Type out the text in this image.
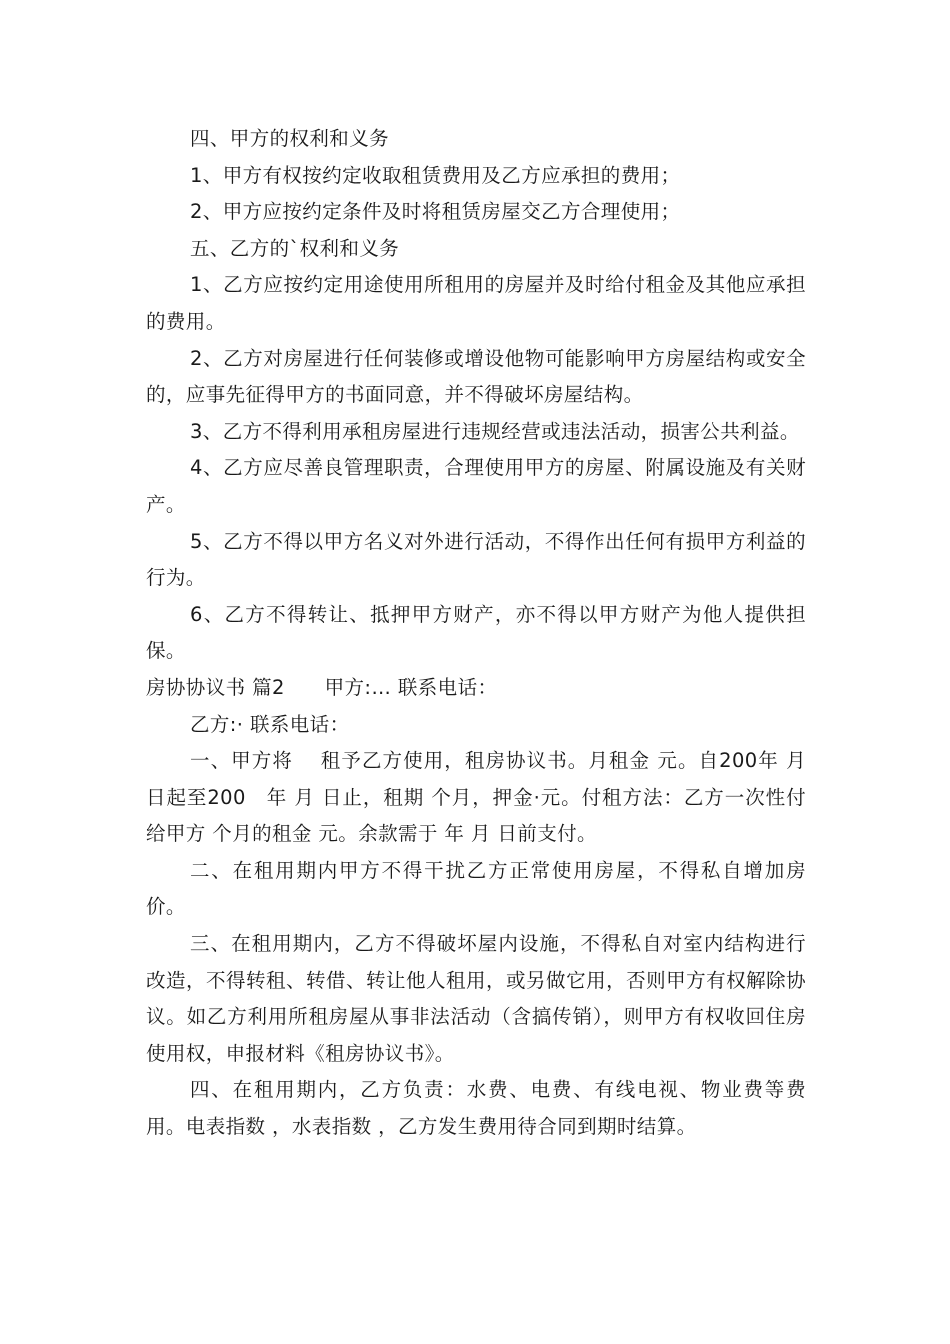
四、甲方的权利和义务

1、甲方有权按约定收取租赁费用及乙方应承担的费用；

2、甲方应按约定条件及时将租赁房屋交乙方合理使用；

五、乙方的`权利和义务

1、乙方应按约定用途使用所租用的房屋并及时给付租金及其他应承担的费用。

2、乙方对房屋进行任何装修或增设他物可能影响甲方房屋结构或安全的，应事先征得甲方的书面同意，并不得破坏房屋结构。

3、乙方不得利用承租房屋进行违规经营或违法活动，损害公共利益。

4、乙方应尽善良管理职责，合理使用甲方的房屋、附属设施及有关财产。

5、乙方不得以甲方名义对外进行活动，不得作出任何有损甲方利益的行为。

6、乙方不得转让、抵押甲方财产，亦不得以甲方财产为他人提供担保。

房协协议书 篇2　　甲方:… 联系电话：

乙方:· 联系电话：

一、甲方将　 租予乙方使用，租房协议书。月租金 元。自200年 月 日起至200　年 月 日止，租期 个月，押金·元。付租方法：乙方一次性付给甲方 个月的租金 元。余款需于 年 月 日前支付。

二、在租用期内甲方不得干扰乙方正常使用房屋，不得私自增加房价。

三、在租用期内，乙方不得破坏屋内设施，不得私自对室内结构进行改造，不得转租、转借、转让他人租用，或另做它用，否则甲方有权解除协议。如乙方利用所租房屋从事非法活动（含搞传销），则甲方有权收回住房使用权，申报材料《租房协议书》。

四、在租用期内，乙方负责：水费、电费、有线电视、物业费等费用。电表指数 ，水表指数 ，乙方发生费用待合同到期时结算。
